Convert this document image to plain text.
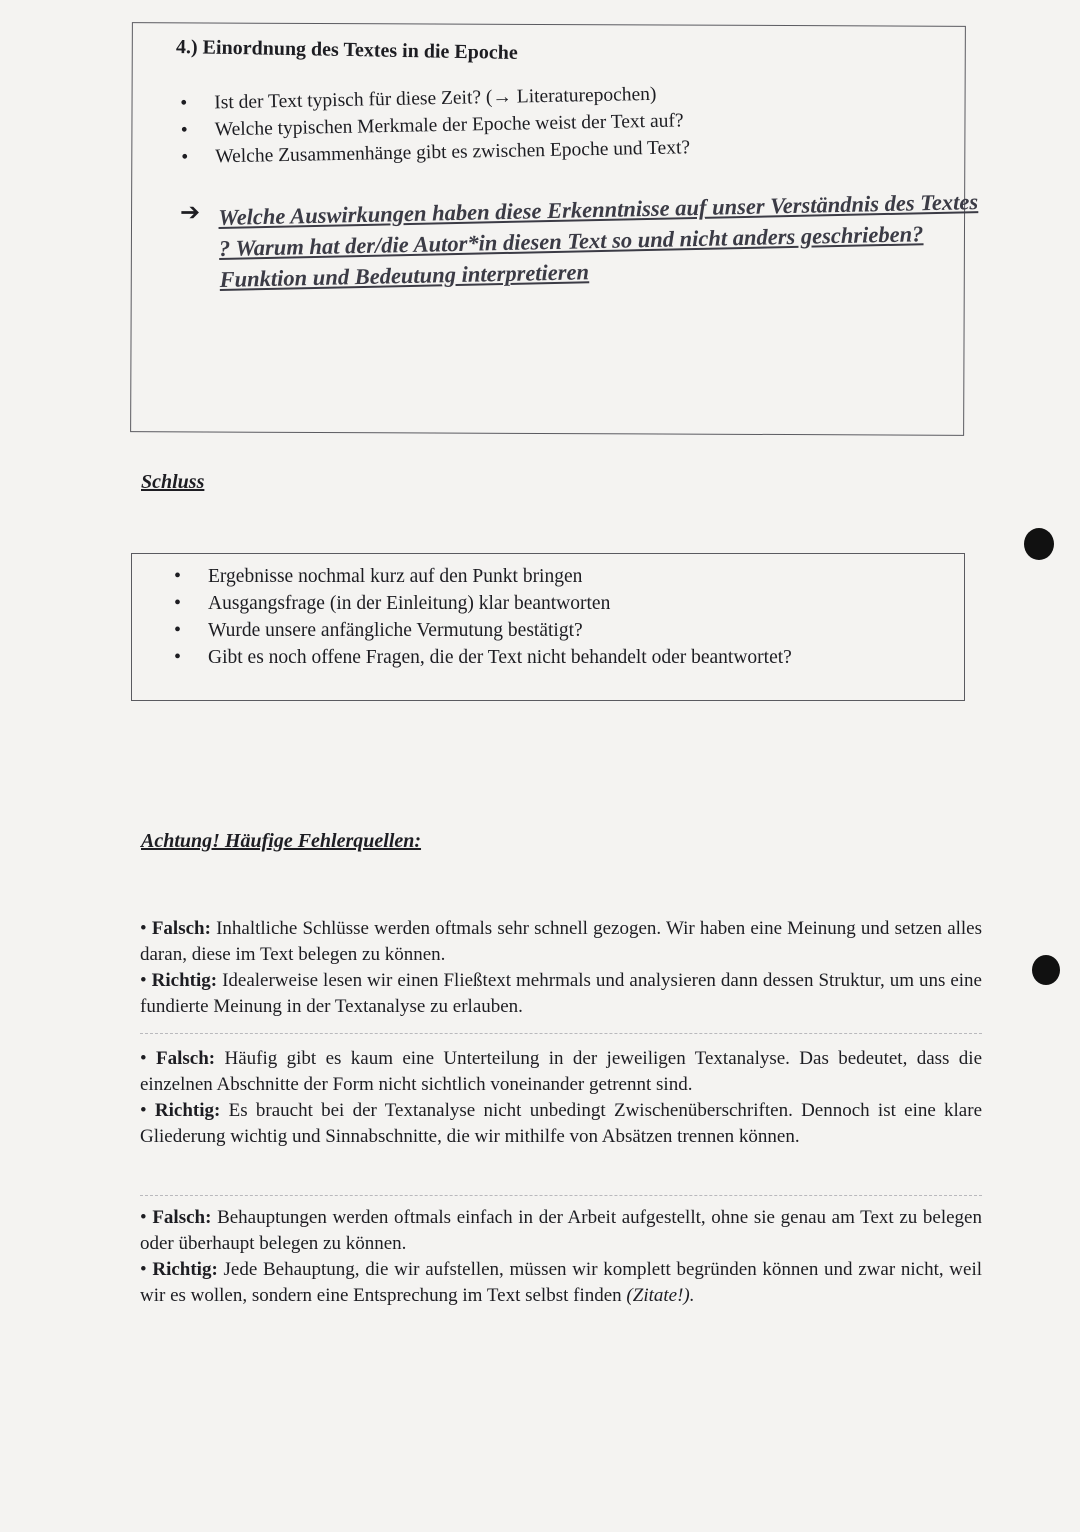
4.) Einordnung des Textes in die Epoche
• Ist der Text typisch für diese Zeit? (→ Literaturepochen)
• Welche typischen Merkmale der Epoche weist der Text auf?
• Welche Zusammenhänge gibt es zwischen Epoche und Text?
➔ Welche Auswirkungen haben diese Erkenntnisse auf unser Verständnis des Textes ? Warum hat der/die Autor*in diesen Text so und nicht anders geschrieben? Funktion und Bedeutung interpretieren
Schluss
• Ergebnisse nochmal kurz auf den Punkt bringen
• Ausgangsfrage (in der Einleitung) klar beantworten
• Wurde unsere anfängliche Vermutung bestätigt?
• Gibt es noch offene Fragen, die der Text nicht behandelt oder beantwortet?
Achtung! Häufige Fehlerquellen:

• Falsch: Inhaltliche Schlüsse werden oftmals sehr schnell gezogen. Wir haben eine Meinung und setzen alles daran, diese im Text belegen zu können.

• Richtig: Idealerweise lesen wir einen Fließtext mehrmals und analysieren dann dessen Struktur, um uns eine fundierte Meinung in der Textanalyse zu erlauben.

• Falsch: Häufig gibt es kaum eine Unterteilung in der jeweiligen Textanalyse. Das bedeutet, dass die einzelnen Abschnitte der Form nicht sichtlich voneinander getrennt sind.

• Richtig: Es braucht bei der Textanalyse nicht unbedingt Zwischenüberschriften. Dennoch ist eine klare Gliederung wichtig und Sinnabschnitte, die wir mithilfe von Absätzen trennen können.

• Falsch: Behauptungen werden oftmals einfach in der Arbeit aufgestellt, ohne sie genau am Text zu belegen oder überhaupt belegen zu können.

• Richtig: Jede Behauptung, die wir aufstellen, müssen wir komplett begründen können und zwar nicht, weil wir es wollen, sondern eine Entsprechung im Text selbst finden (Zitate!).
